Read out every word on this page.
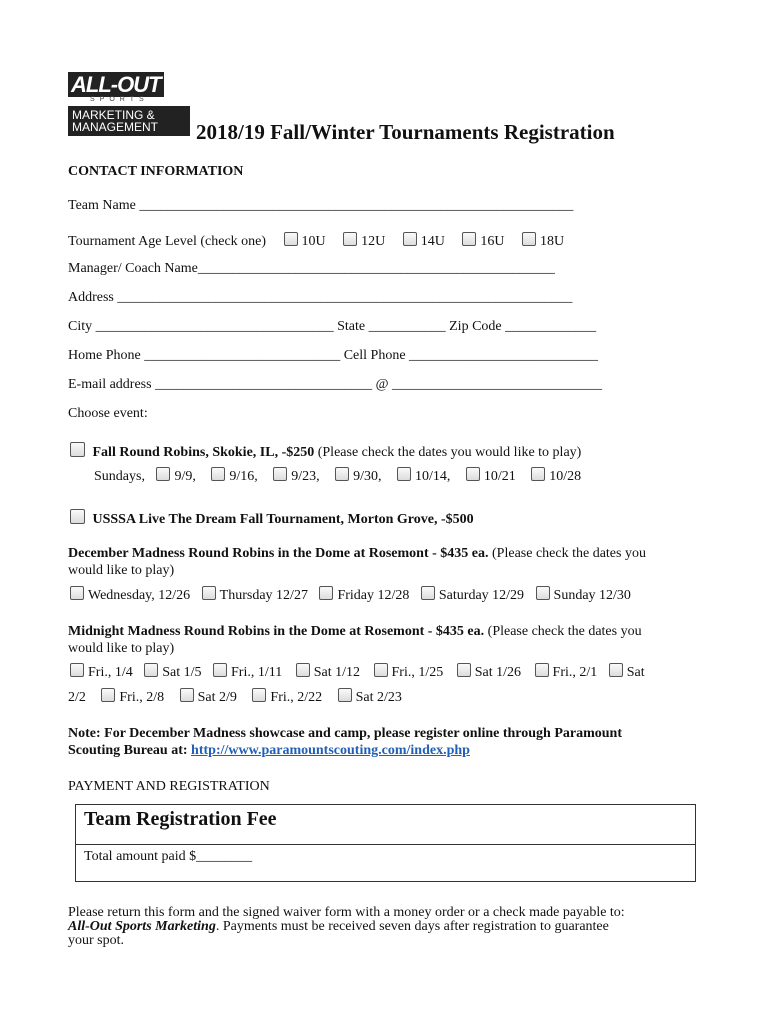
ALL-OUT
SPORTS
MARKETING &
MANAGEMENT	2018/19 Fall/Winter Tournaments Registration
CONTACT INFORMATION
Team Name ______________________________________________________________
Tournament Age Level (check one)	10U	12U	14U	16U	18U
Manager/ Coach Name___________________________________________________
Address _________________________________________________________________
City __________________________________ State ___________ Zip Code _____________
Home Phone ____________________________ Cell Phone ___________________________
E-mail address _______________________________ @ ______________________________
Choose event:
Fall Round Robins, Skokie, IL, -$250 (Please check the dates you would like to play)
Sundays, 9/9, 9/16, 9/23, 9/30, 10/14, 10/21 10/28
USSSA Live The Dream Fall Tournament, Morton Grove, -$500
December Madness Round Robins in the Dome at Rosemont - $435 ea. (Please check the dates you
would like to play)
Wednesday, 12/26 Thursday 12/27 Friday 12/28 Saturday 12/29 Sunday 12/30
Midnight Madness Round Robins in the Dome at Rosemont - $435 ea. (Please check the dates you
would like to play)
Fri., 1/4 Sat 1/5 Fri., 1/11 Sat 1/12 Fri., 1/25 Sat 1/26 Fri., 2/1 Sat
2/2 Fri., 2/8 Sat 2/9 Fri., 2/22 Sat 2/23
Note: For December Madness showcase and camp, please register online through Paramount
Scouting Bureau at: http://www.paramountscouting.com/index.php
PAYMENT AND REGISTRATION
Team Registration Fee
Total amount paid $________
Please return this form and the signed waiver form with a money order or a check made payable to:
All-Out Sports Marketing. Payments must be received seven days after registration to guarantee
your spot.
